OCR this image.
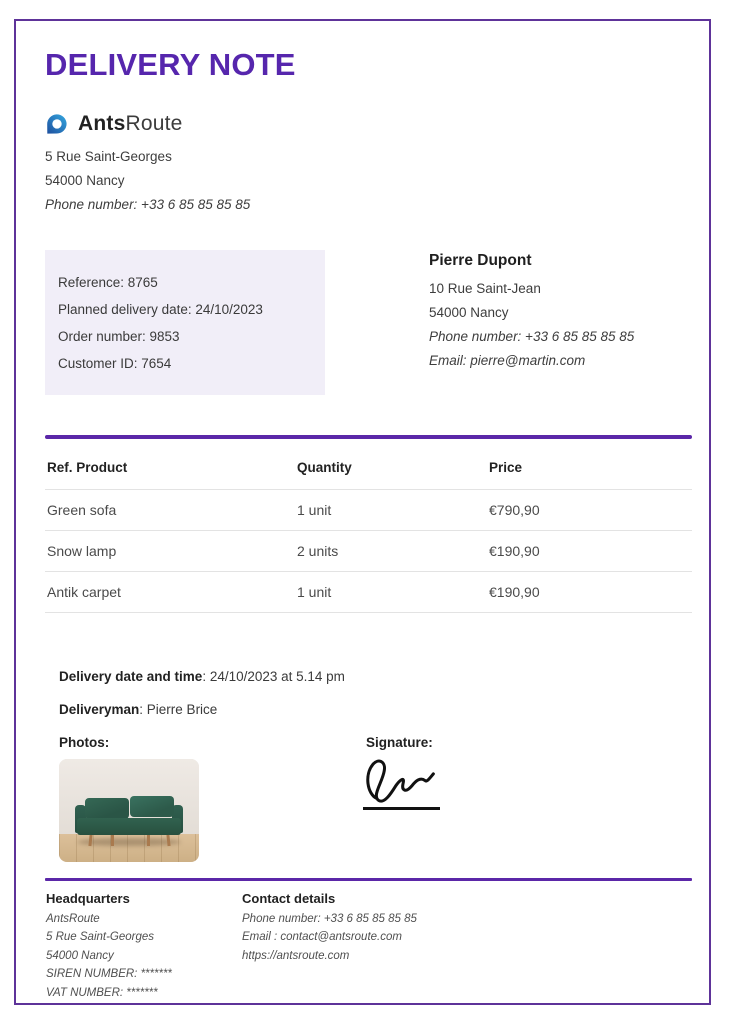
DELIVERY NOTE
AntsRoute
5 Rue Saint-Georges
54000 Nancy
Phone number: +33 6 85 85 85 85
Reference: 8765
Planned delivery date: 24/10/2023
Order number: 9853
Customer ID: 7654
Pierre Dupont
10 Rue Saint-Jean
54000 Nancy
Phone number: +33 6 85 85 85 85
Email: pierre@martin.com
Ref. Product	Quantity	Price
Green sofa	1 unit	€790,90
Snow lamp	2 units	€190,90
Antik carpet	1 unit	€190,90
Delivery date and time: 24/10/2023 at 5.14 pm
Deliveryman: Pierre Brice
Photos:	Signature:
Headquarters
AntsRoute
5 Rue Saint-Georges
54000 Nancy
SIREN NUMBER: *******
VAT NUMBER: *******
Contact details
Phone number: +33 6 85 85 85 85
Email : contact@antsroute.com
https://antsroute.com
